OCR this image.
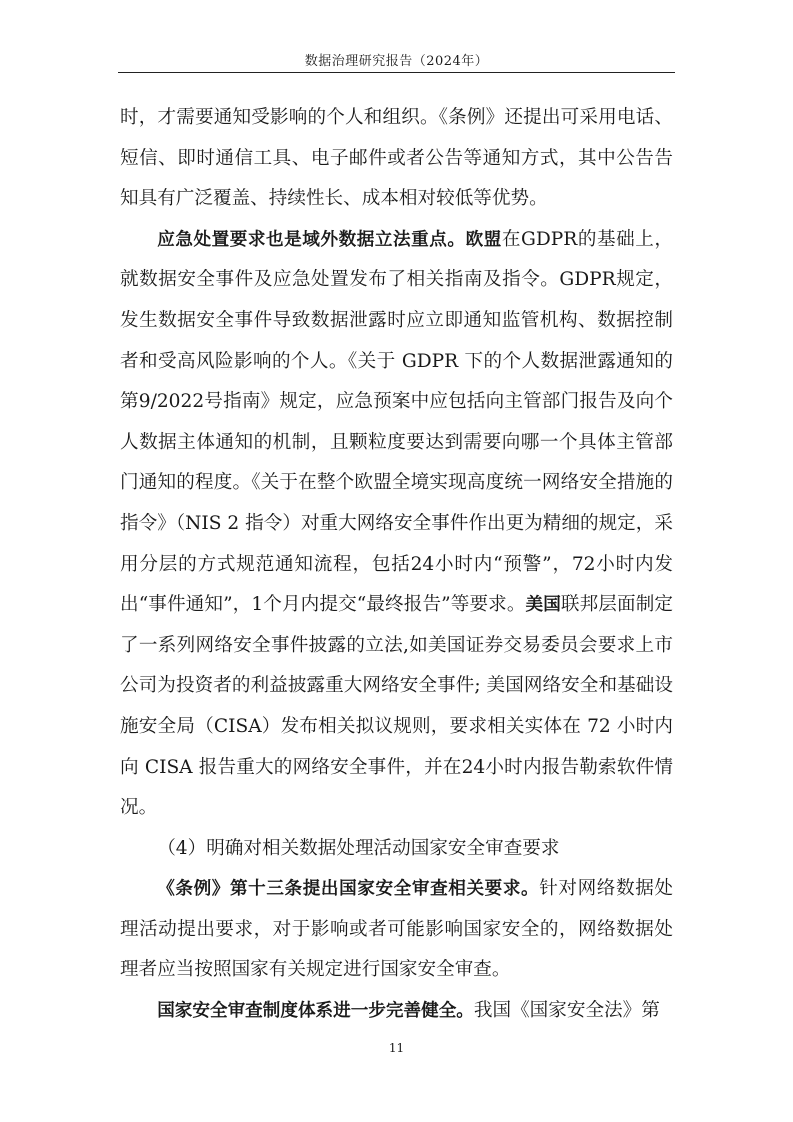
数据治理研究报告（2024年）

时，才需要通知受影响的个人和组织。《条例》还提出可采用电话、短信、即时通信工具、电子邮件或者公告等通知方式，其中公告告知具有广泛覆盖、持续性长、成本相对较低等优势。

应急处置要求也是域外数据立法重点。欧盟在GDPR的基础上，就数据安全事件及应急处置发布了相关指南及指令。GDPR规定，发生数据安全事件导致数据泄露时应立即通知监管机构、数据控制者和受高风险影响的个人。《关于 GDPR 下的个人数据泄露通知的第9/2022号指南》规定，应急预案中应包括向主管部门报告及向个人数据主体通知的机制，且颗粒度要达到需要向哪一个具体主管部门通知的程度。《关于在整个欧盟全境实现高度统一网络安全措施的指令》（NIS 2 指令）对重大网络安全事件作出更为精细的规定，采用分层的方式规范通知流程，包括24小时内“预警”，72小时内发出“事件通知”，1个月内提交“最终报告”等要求。美国联邦层面制定了一系列网络安全事件披露的立法,如美国证券交易委员会要求上市公司为投资者的利益披露重大网络安全事件; 美国网络安全和基础设施安全局（CISA）发布相关拟议规则，要求相关实体在 72 小时内向 CISA 报告重大的网络安全事件，并在24小时内报告勒索软件情况。

（4）明确对相关数据处理活动国家安全审查要求

《条例》第十三条提出国家安全审查相关要求。针对网络数据处理活动提出要求，对于影响或者可能影响国家安全的，网络数据处理者应当按照国家有关规定进行国家安全审查。

国家安全审查制度体系进一步完善健全。我国《国家安全法》第

11
